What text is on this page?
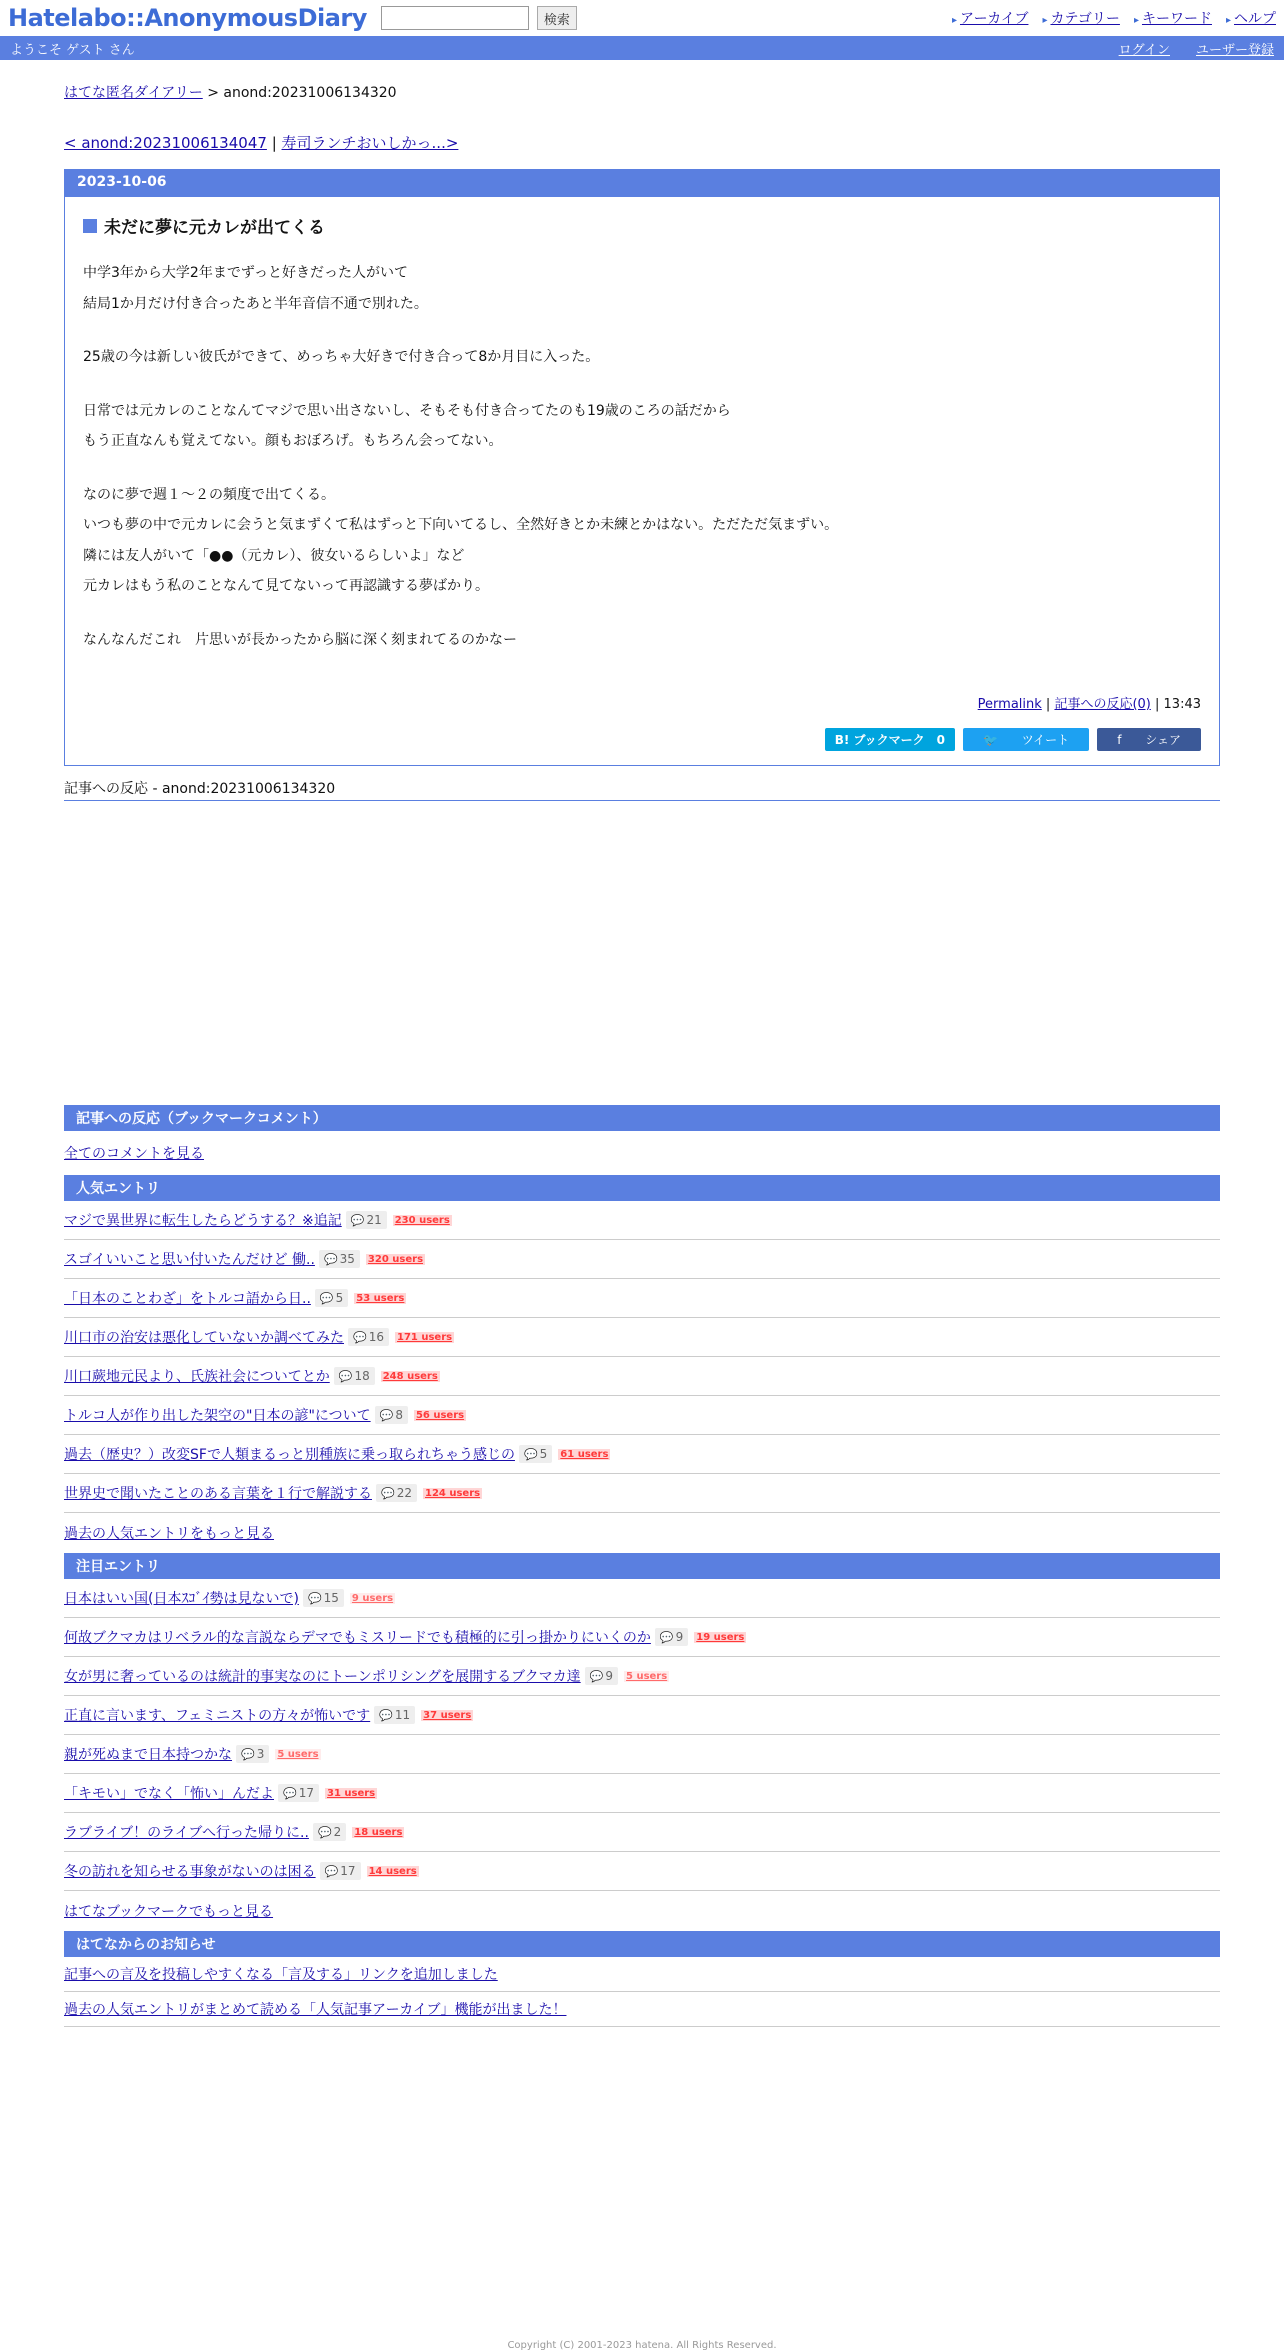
Hatelabo::AnonymousDiary	検索	▸ アーカイブ ▸ カテゴリー ▸ キーワード ▸ ヘルプ
ようこそ ゲスト さん	ログイン ユーザー登録
はてな匿名ダイアリー > anond:20231006134320
< anond:20231006134047 | 寿司ランチおいしかっ...>
2023-10-06
未だに夢に元カレが出てくる
中学3年から大学2年までずっと好きだった人がいて
結局1か月だけ付き合ったあと半年音信不通で別れた。
25歳の今は新しい彼氏ができて、めっちゃ大好きで付き合って8か月目に入った。
日常では元カレのことなんてマジで思い出さないし、そもそも付き合ってたのも19歳のころの話だから
もう正直なんも覚えてない。顔もおぼろげ。もちろん会ってない。
なのに夢で週１～２の頻度で出てくる。
いつも夢の中で元カレに会うと気まずくて私はずっと下向いてるし、全然好きとか未練とかはない。ただただ気まずい。
隣には友人がいて「●●（元カレ）、彼女いるらしいよ」など
元カレはもう私のことなんて見てないって再認識する夢ばかり。
なんなんだこれ　片思いが長かったから脳に深く刻まれてるのかなー
Permalink | 記事への反応(0) | 13:43
B! ブックマーク　0	🐦 ツイート	f シェア
記事への反応 - anond:20231006134320
記事への反応（ブックマークコメント）
全てのコメントを見る
人気エントリ
マジで異世界に転生したらどうする？※追記 💬 21	230 users
スゴイいいこと思い付いたんだけど 働.. 💬 35	320 users
「日本のことわざ」をトルコ語から日.. 💬 5	53 users
川口市の治安は悪化していないか調べてみた 💬 16	171 users
川口蕨地元民より、氏族社会についてとか 💬 18	248 users
トルコ人が作り出した架空の"日本の諺"について 💬 8	56 users
過去（歴史？）改変SFで人類まるっと別種族に乗っ取られちゃう感じの 💬 5	61 users
世界史で聞いたことのある言葉を１行で解説する 💬 22	124 users
過去の人気エントリをもっと見る
注目エントリ
日本はいい国(日本ｽｺﾞｲ勢は見ないで) 💬 15	9 users
何故ブクマカはリベラル的な言説ならデマでもミスリードでも積極的に引っ掛かりにいくのか 💬 9	19 users
女が男に奢っているのは統計的事実なのにトーンポリシングを展開するブクマカ達 💬 9	5 users
正直に言います、フェミニストの方々が怖いです 💬 11	37 users
親が死ぬまで日本持つかな 💬 3	5 users
「キモい」でなく「怖い」んだよ 💬 17	31 users
ラブライブ！のライブへ行った帰りに.. 💬 2	18 users
冬の訪れを知らせる事象がないのは困る 💬 17	14 users
はてなブックマークでもっと見る
はてなからのお知らせ
記事への言及を投稿しやすくなる「言及する」リンクを追加しました
過去の人気エントリがまとめて読める「人気記事アーカイブ」機能が出ました！
Copyright (C) 2001-2023 hatena. All Rights Reserved.
